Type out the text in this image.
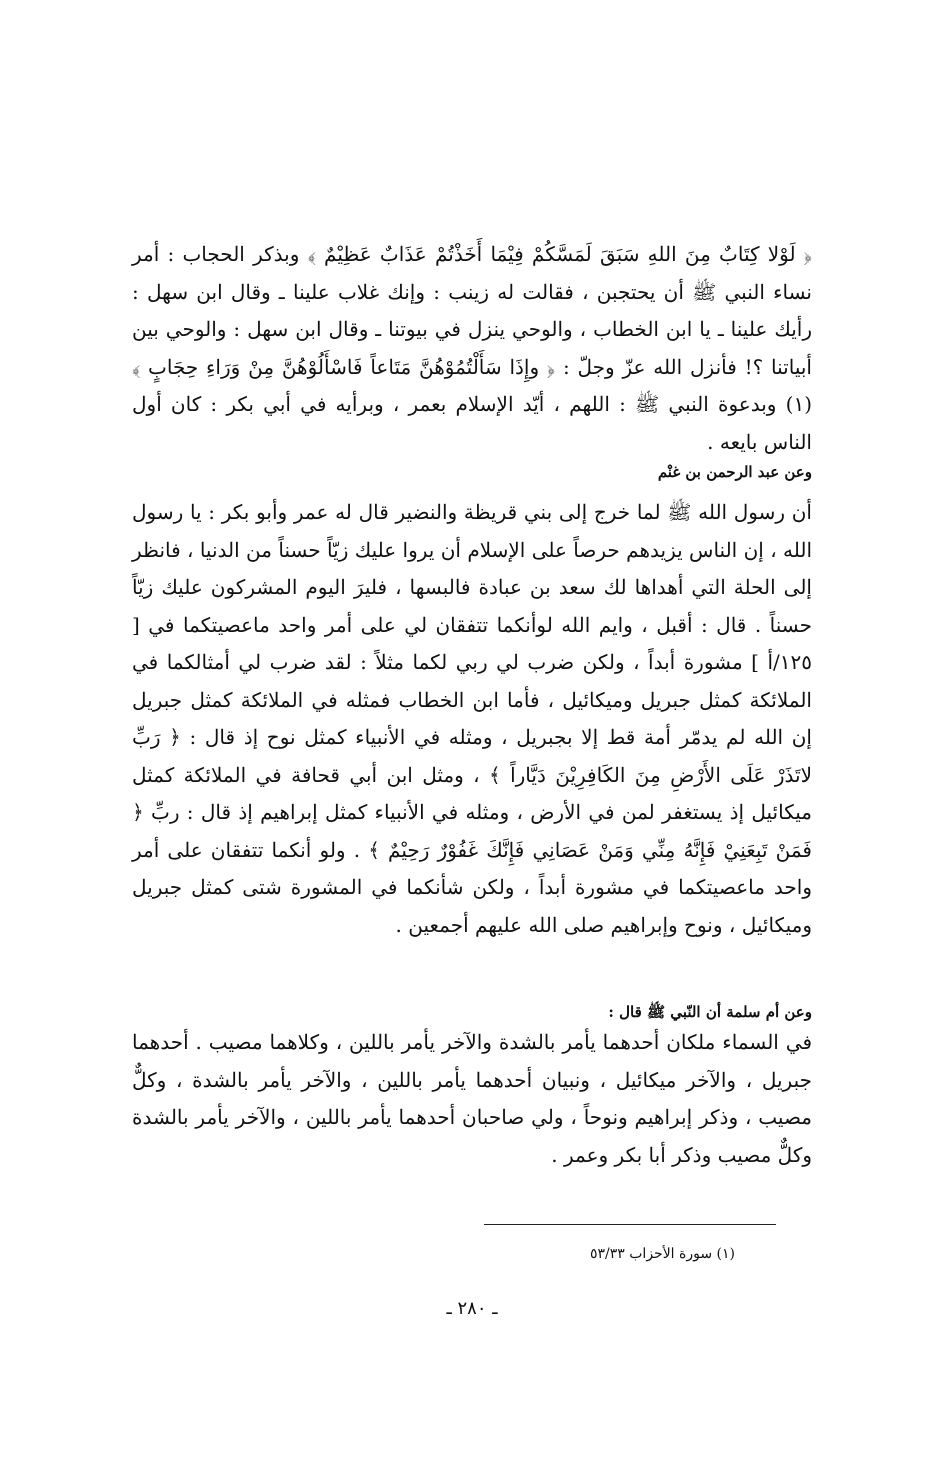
﴿ لَوْلا كِتَابٌ مِنَ اللهِ سَبَقَ لَمَسَّكُمْ فِيْمَا أَخَذْتُمْ عَذَابٌ عَظِيْمٌ ﴾ وبذكر الحجاب : أمر نساء النبي ﷺ أن يحتجبن ، فقالت له زينب : وإنك غلاب علينا ـ وقال ابن سهل : رأيك علينا ـ يا ابن الخطاب ، والوحي ينزل في بيوتنا ـ وقال ابن سهل : والوحي بين أبياتنا ؟! فأنزل الله عزّ وجلّ : ﴿ وإِذَا سَأَلْتُمُوْهُنَّ مَتَاعاً فَاسْأَلُوْهُنَّ مِنْ وَرَاءِ حِجَابٍ ﴾(١) وبدعوة النبي ﷺ : اللهم ، أيّد الإسلام بعمر ، وبرأيه في أبي بكر : كان أول الناس بايعه .

وعن عبد الرحمن بن غنْم

أن رسول الله ﷺ لما خرج إلى بني قريظة والنضير قال له عمر وأبو بكر : يا رسول الله ، إن الناس يزيدهم حرصاً على الإسلام أن يروا عليك زيّاً حسناً من الدنيا ، فانظر إلى الحلة التي أهداها لك سعد بن عبادة فالبسها ، فليرَ اليوم المشركون عليك زيّاً حسناً . قال : أقبل ، وايم الله لوأنكما تتفقان لي على أمر واحد ماعصيتكما في [ ١٢٥/أ ] مشورة أبداً ، ولكن ضرب لي ربي لكما مثلاً : لقد ضرب لي أمثالكما في الملائكة كمثل جبريل وميكائيل ، فأما ابن الخطاب فمثله في الملائكة كمثل جبريل إن الله لم يدمّر أمة قط إلا بجبريل ، ومثله في الأنبياء كمثل نوح إذ قال : ﴿ رَبِّ لاتَذَرْ عَلَى الأَرْضِ مِنَ الكَافِرِيْنَ دَيَّاراً ﴾ ، ومثل ابن أبي قحافة في الملائكة كمثل ميكائيل إذ يستغفر لمن في الأرض ، ومثله في الأنبياء كمثل إبراهيم إذ قال : ربِّ ﴿ فَمَنْ تَبِعَنِيْ فَإِنَّهُ مِنِّي وَمَنْ عَصَانِي فَإِنَّكَ غَفُوْرٌ رَحِيْمٌ ﴾ . ولو أنكما تتفقان على أمر واحد ماعصيتكما في مشورة أبداً ، ولكن شأنكما في المشورة شتى كمثل جبريل وميكائيل ، ونوح وإبراهيم صلى الله عليهم أجمعين .

وعن أم سلمة أن النّبي ﷺ قال :

في السماء ملكان أحدهما يأمر بالشدة والآخر يأمر باللين ، وكلاهما مصيب . أحدهما جبريل ، والآخر ميكائيل ، ونبيان أحدهما يأمر باللين ، والآخر يأمر بالشدة ، وكلٌّ مصيب ، وذكر إبراهيم ونوحاً ، ولي صاحبان أحدهما يأمر باللين ، والآخر يأمر بالشدة وكلٌّ مصيب وذكر أبا بكر وعمر .

(١) سورة الأحزاب ٥٣/٣٣
ـ ٢٨٠ ـ
